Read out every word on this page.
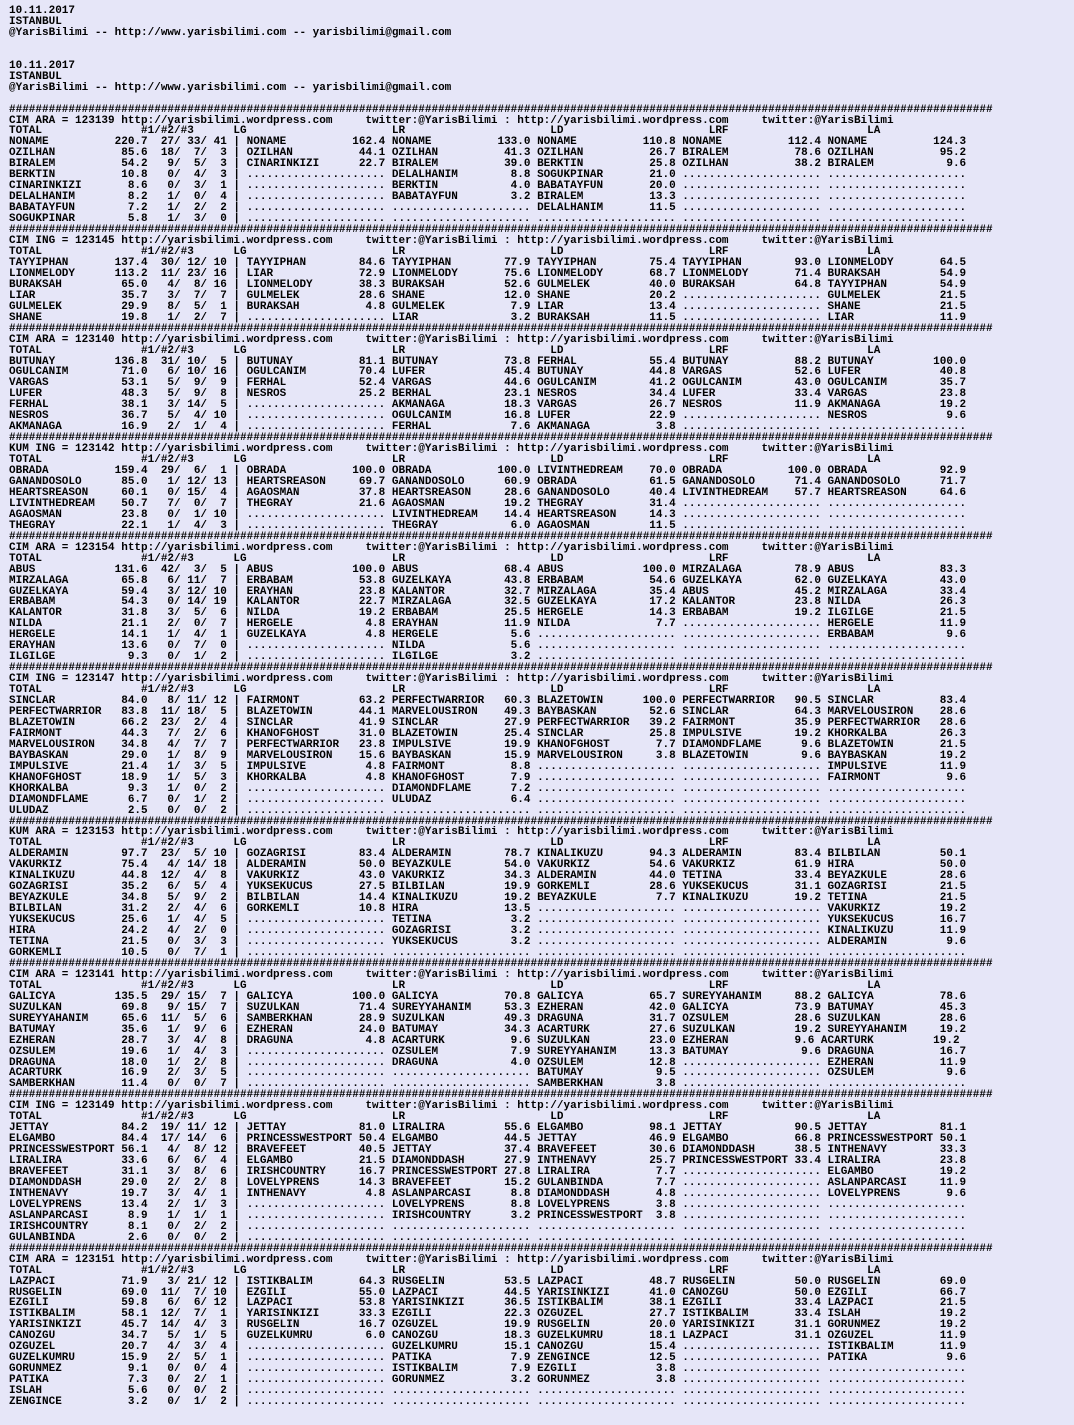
10.11.2017
ISTANBUL
@YarisBilimi -- http://www.yarisbilimi.com -- yarisbilimi@gmail.com

10.11.2017
ISTANBUL
@YarisBilimi -- http://www.yarisbilimi.com -- yarisbilimi@gmail.com

#####################################################################################################################################################
CIM ARA = 123139 http://yarisbilimi.wordpress.com     twitter:@YarisBilimi : http://yarisbilimi.wordpress.com     twitter:@YarisBilimi
TOTAL               #1/#2/#3      LG                      LR                      LD                      LRF                     LA
NONAME          220.7  27/ 33/ 41 | NONAME          162.4 NONAME          133.0 NONAME          110.8 NONAME          112.4 NONAME          124.3
OZILHAN          85.6  18/  7/  3 | OZILHAN          44.1 OZILHAN          41.3 OZILHAN          26.7 BIRALEM          78.6 OZILHAN          95.2
BIRALEM          54.2   9/  5/  3 | CINARINKIZI      22.7 BIRALEM          39.0 BERKTIN          25.8 OZILHAN          38.2 BIRALEM           9.6
BERKTIN          10.8   0/  4/  3 | ..................... DELALHANIM        8.8 SOGUKPINAR       21.0 ..................... .....................
CINARINKIZI       8.6   0/  3/  1 | ..................... BERKTIN           4.0 BABATAYFUN       20.0 ..................... .....................
DELALHANIM        8.2   1/  0/  4 | ..................... BABATAYFUN        3.2 BIRALEM          13.3 ..................... .....................
BABATAYFUN        7.2   1/  2/  2 | ..................... ..................... DELALHANIM       11.5 ..................... .....................
SOGUKPINAR        5.8   1/  3/  0 | ..................... ..................... ..................... ..................... .....................
#####################################################################################################################################################
CIM ING = 123145 http://yarisbilimi.wordpress.com     twitter:@YarisBilimi : http://yarisbilimi.wordpress.com     twitter:@YarisBilimi
TOTAL               #1/#2/#3      LG                      LR                      LD                      LRF                     LA
TAYYIPHAN       137.4  30/ 12/ 10 | TAYYIPHAN        84.6 TAYYIPHAN        77.9 TAYYIPHAN        75.4 TAYYIPHAN        93.0 LIONMELODY       64.5
LIONMELODY      113.2  11/ 23/ 16 | LIAR             72.9 LIONMELODY       75.6 LIONMELODY       68.7 LIONMELODY       71.4 BURAKSAH         54.9
BURAKSAH         65.0   4/  8/ 16 | LIONMELODY       38.3 BURAKSAH         52.6 GULMELEK         40.0 BURAKSAH         64.8 TAYYIPHAN        54.9
LIAR             35.7   3/  7/  7 | GULMELEK         28.6 SHANE            12.0 SHANE            20.2 ..................... GULMELEK         21.5
GULMELEK         29.9   8/  5/  1 | BURAKSAH          4.8 GULMELEK          7.9 LIAR             13.4 ..................... SHANE            21.5
SHANE            19.8   1/  2/  7 | ..................... LIAR              3.2 BURAKSAH         11.5 ..................... LIAR             11.9
#####################################################################################################################################################
CIM ARA = 123140 http://yarisbilimi.wordpress.com     twitter:@YarisBilimi : http://yarisbilimi.wordpress.com     twitter:@YarisBilimi
TOTAL               #1/#2/#3      LG                      LR                      LD                      LRF                     LA
BUTUNAY         136.8  31/ 10/  5 | BUTUNAY          81.1 BUTUNAY          73.8 FERHAL           55.4 BUTUNAY          88.2 BUTUNAY         100.0
OGULCANIM        71.0   6/ 10/ 16 | OGULCANIM        70.4 LUFER            45.4 BUTUNAY          44.8 VARGAS           52.6 LUFER            40.8
VARGAS           53.1   5/  9/  9 | FERHAL           52.4 VARGAS           44.6 OGULCANIM        41.2 OGULCANIM        43.0 OGULCANIM        35.7
LUFER            48.3   5/  9/  8 | NESROS           25.2 BERHAL           23.1 NESROS           34.4 LUFER            33.4 VARGAS           23.8
FERHAL           38.1   3/ 14/  5 | ..................... AKMANAGA         18.3 VARGAS           26.7 NESROS           11.9 AKMANAGA         19.2
NESROS           36.7   5/  4/ 10 | ..................... OGULCANIM        16.8 LUFER            22.9 ..................... NESROS            9.6
AKMANAGA         16.9   2/  1/  4 | ..................... FERHAL            7.6 AKMANAGA          3.8 ..................... .....................
#####################################################################################################################################################
KUM ING = 123142 http://yarisbilimi.wordpress.com     twitter:@YarisBilimi : http://yarisbilimi.wordpress.com     twitter:@YarisBilimi
TOTAL               #1/#2/#3      LG                      LR                      LD                      LRF                     LA
OBRADA          159.4  29/  6/  1 | OBRADA          100.0 OBRADA          100.0 LIVINTHEDREAM    70.0 OBRADA          100.0 OBRADA           92.9
GANANDOSOLO      85.0   1/ 12/ 13 | HEARTSREASON     69.7 GANANDOSOLO      60.9 OBRADA           61.5 GANANDOSOLO      71.4 GANANDOSOLO      71.7
HEARTSREASON     60.1   0/ 15/  4 | AGAOSMAN         37.8 HEARTSREASON     28.6 GANANDOSOLO      40.4 LIVINTHEDREAM    57.7 HEARTSREASON     64.6
LIVINTHEDREAM    50.7   7/  0/  7 | THEGRAY          21.6 AGAOSMAN         19.2 THEGRAY          31.4 ..................... .....................
AGAOSMAN         23.8   0/  1/ 10 | ..................... LIVINTHEDREAM    14.4 HEARTSREASON     14.3 ..................... .....................
THEGRAY          22.1   1/  4/  3 | ..................... THEGRAY           6.0 AGAOSMAN         11.5 ..................... .....................
#####################################################################################################################################################
CIM ARA = 123154 http://yarisbilimi.wordpress.com     twitter:@YarisBilimi : http://yarisbilimi.wordpress.com     twitter:@YarisBilimi
TOTAL               #1/#2/#3      LG                      LR                      LD                      LRF                     LA
ABUS            131.6  42/  3/  5 | ABUS            100.0 ABUS             68.4 ABUS            100.0 MIRZALAGA        78.9 ABUS             83.3
MIRZALAGA        65.8   6/ 11/  7 | ERBABAM          53.8 GUZELKAYA        43.8 ERBABAM          54.6 GUZELKAYA        62.0 GUZELKAYA        43.0
GUZELKAYA        59.4   3/ 12/ 10 | ERAYHAN          23.8 KALANTOR         32.7 MIRZALAGA        35.4 ABUS             45.2 MIRZALAGA        33.4
ERBABAM          54.3   0/ 14/ 19 | KALANTOR         22.7 MIRZALAGA        32.5 GUZELKAYA        17.2 KALANTOR         23.8 NILDA            26.3
KALANTOR         31.8   3/  5/  6 | NILDA            19.2 ERBABAM          25.5 HERGELE          14.3 ERBABAM          19.2 ILGILGE          21.5
NILDA            21.1   2/  0/  7 | HERGELE           4.8 ERAYHAN          11.9 NILDA             7.7 ..................... HERGELE          11.9
HERGELE          14.1   1/  4/  1 | GUZELKAYA         4.8 HERGELE           5.6 ..................... ..................... ERBABAM           9.6
ERAYHAN          13.6   0/  7/  0 | ..................... NILDA             5.6 ..................... ..................... .....................
ILGILGE           9.3   0/  1/  2 | ..................... ILGILGE           3.2 ..................... ..................... .....................
#####################################################################################################################################################
CIM ING = 123147 http://yarisbilimi.wordpress.com     twitter:@YarisBilimi : http://yarisbilimi.wordpress.com     twitter:@YarisBilimi
TOTAL               #1/#2/#3      LG                      LR                      LD                      LRF                     LA
SINCLAR          84.0   8/ 11/ 12 | FAIRMONT         63.2 PERFECTWARRIOR   60.3 BLAZETOWIN      100.0 PERFECTWARRIOR   90.5 SINCLAR          83.4
PERFECTWARRIOR   83.8  11/ 18/  5 | BLAZETOWIN       44.1 MARVELOUSIRON    49.3 BAYBASKAN        52.6 SINCLAR          64.3 MARVELOUSIRON    28.6
BLAZETOWIN       66.2  23/  2/  4 | SINCLAR          41.9 SINCLAR          27.9 PERFECTWARRIOR   39.2 FAIRMONT         35.9 PERFECTWARRIOR   28.6
FAIRMONT         44.3   7/  2/  6 | KHANOFGHOST      31.0 BLAZETOWIN       25.4 SINCLAR          25.8 IMPULSIVE        19.2 KHORKALBA        26.3
MARVELOUSIRON    34.8   4/  7/  7 | PERFECTWARRIOR   23.8 IMPULSIVE        19.9 KHANOFGHOST       7.7 DIAMONDFLAME      9.6 BLAZETOWIN       21.5
BAYBASKAN        29.0   1/  8/  9 | MARVELOUSIRON    15.6 BAYBASKAN        15.9 MARVELOUSIRON     3.8 BLAZETOWIN        9.6 BAYBASKAN        19.2
IMPULSIVE        21.4   1/  3/  5 | IMPULSIVE         4.8 FAIRMONT          8.8 ..................... ..................... IMPULSIVE        11.9
KHANOFGHOST      18.9   1/  5/  3 | KHORKALBA         4.8 KHANOFGHOST       7.9 ..................... ..................... FAIRMONT          9.6
KHORKALBA         9.3   1/  0/  2 | ..................... DIAMONDFLAME      7.2 ..................... ..................... .....................
DIAMONDFLAME      6.7   0/  1/  2 | ..................... ULUDAZ            6.4 ..................... ..................... .....................
ULUDAZ            2.5   0/  0/  2 | ..................... ..................... ..................... ..................... .....................
#####################################################################################################################################################
KUM ARA = 123153 http://yarisbilimi.wordpress.com     twitter:@YarisBilimi : http://yarisbilimi.wordpress.com     twitter:@YarisBilimi
TOTAL               #1/#2/#3      LG                      LR                      LD                      LRF                     LA
ALDERAMIN        97.7  23/  5/ 10 | GOZAGRISI        83.4 ALDERAMIN        78.7 KINALIKUZU       94.3 ALDERAMIN        83.4 BILBILAN         50.1
VAKURKIZ         75.4   4/ 14/ 18 | ALDERAMIN        50.0 BEYAZKULE        54.0 VAKURKIZ         54.6 VAKURKIZ         61.9 HIRA             50.0
KINALIKUZU       44.8  12/  4/  8 | VAKURKIZ         43.0 VAKURKIZ         34.3 ALDERAMIN        44.0 TETINA           33.4 BEYAZKULE        28.6
GOZAGRISI        35.2   6/  5/  4 | YUKSEKUCUS       27.5 BILBILAN         19.9 GORKEMLI         28.6 YUKSEKUCUS       31.1 GOZAGRISI        21.5
BEYAZKULE        34.8   5/  9/  2 | BILBILAN         14.4 KINALIKUZU       19.2 BEYAZKULE         7.7 KINALIKUZU       19.2 TETINA           21.5
BILBILAN         31.2   2/  4/  6 | GORKEMLI         10.8 HIRA             13.5 ..................... ..................... VAKURKIZ         19.2
YUKSEKUCUS       25.6   1/  4/  5 | ..................... TETINA            3.2 ..................... ..................... YUKSEKUCUS       16.7
HIRA             24.2   4/  2/  0 | ..................... GOZAGRISI         3.2 ..................... ..................... KINALIKUZU       11.9
TETINA           21.5   0/  3/  3 | ..................... YUKSEKUCUS        3.2 ..................... ..................... ALDERAMIN         9.6
GORKEMLI         10.5   0/  7/  1 | ..................... ..................... ..................... ..................... .....................
#####################################################################################################################################################
CIM ARA = 123141 http://yarisbilimi.wordpress.com     twitter:@YarisBilimi : http://yarisbilimi.wordpress.com     twitter:@YarisBilimi
TOTAL               #1/#2/#3      LG                      LR                      LD                      LRF                     LA
GALICYA         135.5  29/ 15/  7 | GALICYA         100.0 GALICYA          70.8 GALICYA          65.7 SUREYYAHANIM     88.2 GALICYA          78.6
SUZULKAN         69.8   9/ 15/  7 | SUZULKAN         71.4 SUREYYAHANIM     53.3 EZHERAN          42.0 GALICYA          73.9 BATUMAY          45.3
SUREYYAHANIM     65.6  11/  5/  6 | SAMBERKHAN       28.9 SUZULKAN         49.3 DRAGUNA          31.7 OZSULEM          28.6 SUZULKAN         28.6
BATUMAY          35.6   1/  9/  6 | EZHERAN          24.0 BATUMAY          34.3 ACARTURK         27.6 SUZULKAN         19.2 SUREYYAHANIM     19.2
EZHERAN          28.7   3/  4/  8 | DRAGUNA           4.8 ACARTURK          9.6 SUZULKAN         23.0 EZHERAN          9.6 ACARTURK         19.2
OZSULEM          19.6   1/  4/  3 | ..................... OZSULEM           7.9 SUREYYAHANIM     13.3 BATUMAY           9.6 DRAGUNA          16.7
DRAGUNA          18.0   1/  2/  8 | ..................... DRAGUNA           4.0 OZSULEM          12.8 ..................... EZHERAN          11.9
ACARTURK         16.9   2/  3/  5 | ..................... ..................... BATUMAY           9.5 ..................... OZSULEM           9.6
SAMBERKHAN       11.4   0/  0/  7 | ..................... ..................... SAMBERKHAN        3.8 ..................... .....................
#####################################################################################################################################################
CIM ING = 123149 http://yarisbilimi.wordpress.com     twitter:@YarisBilimi : http://yarisbilimi.wordpress.com     twitter:@YarisBilimi
TOTAL               #1/#2/#3      LG                      LR                      LD                      LRF                     LA
JETTAY           84.2  19/ 11/ 12 | JETTAY           81.0 LIRALIRA         55.6 ELGAMBO          98.1 JETTAY           90.5 JETTAY           81.1
ELGAMBO          84.4  17/ 14/  6 | PRINCESSWESTPORT 50.4 ELGAMBO          44.5 JETTAY           46.9 ELGAMBO          66.8 PRINCESSWESTPORT 50.1
PRINCESSWESTPORT 56.1   4/  8/ 12 | BRAVEFEET        40.5 JETTAY           37.4 BRAVEFEET        30.6 DIAMONDDASH      38.5 INTHENAVY        33.3
LIRALIRA         33.6   6/  6/  4 | ELGAMBO          21.5 DIAMONDDASH      27.9 INTHENAVY        25.7 PRINCESSWESTPORT 33.4 LIRALIRA         23.8
BRAVEFEET        31.1   3/  8/  6 | IRISHCOUNTRY     16.7 PRINCESSWESTPORT 27.8 LIRALIRA          7.7 ..................... ELGAMBO          19.2
DIAMONDDASH      29.0   2/  2/  8 | LOVELYPRENS      14.3 BRAVEFEET        15.2 GULANBINDA        7.7 ..................... ASLANPARCASI     11.9
INTHENAVY        19.7   3/  4/  1 | INTHENAVY         4.8 ASLANPARCASI      8.8 DIAMONDDASH       4.8 ..................... LOVELYPRENS       9.6
LOVELYPRENS      13.4   2/  1/  3 | ..................... LOVELYPRENS       8.8 LOVELYPRENS       3.8 ..................... .....................
ASLANPARCASI      8.9   1/  1/  1 | ..................... IRISHCOUNTRY      3.2 PRINCESSWESTPORT  3.8 ..................... .....................
IRISHCOUNTRY      8.1   0/  2/  2 | ..................... ..................... ..................... ..................... .....................
GULANBINDA        2.6   0/  0/  2 | ..................... ..................... ..................... ..................... .....................
#####################################################################################################################################################
CIM ARA = 123151 http://yarisbilimi.wordpress.com     twitter:@YarisBilimi : http://yarisbilimi.wordpress.com     twitter:@YarisBilimi
TOTAL               #1/#2/#3      LG                      LR                      LD                      LRF                     LA
LAZPACI          71.9   3/ 21/ 12 | ISTIKBALIM       64.3 RUSGELIN         53.5 LAZPACI          48.7 RUSGELIN         50.0 RUSGELIN         69.0
RUSGELIN         69.0  11/  7/ 10 | EZGILI           55.0 LAZPACI          44.5 YARISINKIZI      41.0 CANOZGU          50.0 EZGILI           66.7
EZGILI           59.8   6/  6/ 12 | LAZPACI          53.8 YARISINKIZI      36.5 ISTIKBALIM       38.1 EZGILI           33.4 LAZPACI          21.5
ISTIKBALIM       58.1  12/  7/  1 | YARISINKIZI      33.3 EZGILI           22.3 OZGUZEL          27.7 ISTIKBALIM       33.4 ISLAH            19.2
YARISINKIZI      45.7  14/  4/  3 | RUSGELIN         16.7 OZGUZEL          19.9 RUSGELIN         20.0 YARISINKIZI      31.1 GORUNMEZ         19.2
CANOZGU          34.7   5/  1/  5 | GUZELKUMRU        6.0 CANOZGU          18.3 GUZELKUMRU       18.1 LAZPACI          31.1 OZGUZEL          11.9
OZGUZEL          20.7   4/  3/  4 | ..................... GUZELKUMRU       15.1 CANOZGU          15.4 ..................... ISTIKBALIM       11.9
GUZELKUMRU       15.9   2/  5/  1 | ..................... PATIKA            7.9 ZENGINCE         12.5 ..................... PATIKA            9.6
GORUNMEZ          9.1   0/  0/  4 | ..................... ISTIKBALIM        7.9 EZGILI            3.8 ..................... .....................
PATIKA            7.3   0/  2/  1 | ..................... GORUNMEZ          3.2 GORUNMEZ          3.8 ..................... .....................
ISLAH             5.6   0/  0/  2 | ..................... ..................... ..................... ..................... .....................
ZENGINCE          3.2   0/  1/  2 | ..................... ..................... ..................... ..................... .....................
